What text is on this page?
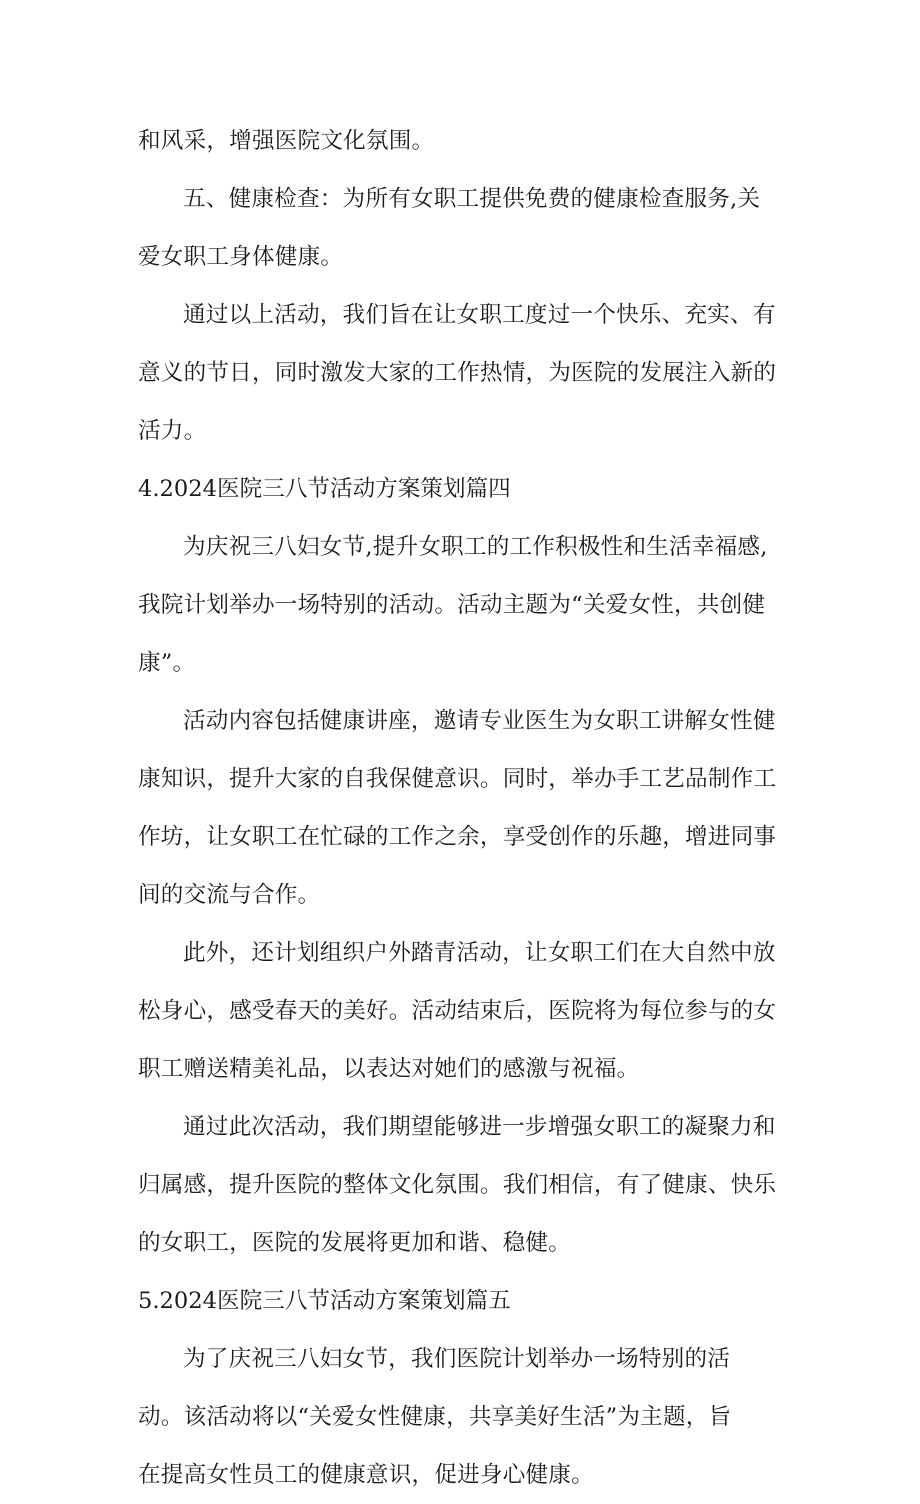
和风采，增强医院文化氛围。

五、健康检查：为所有女职工提供免费的健康检查服务,关
爱女职工身体健康。

通过以上活动，我们旨在让女职工度过一个快乐、充实、有
意义的节日，同时激发大家的工作热情，为医院的发展注入新的
活力。

4.2024医院三八节活动方案策划篇四

为庆祝三八妇女节,提升女职工的工作积极性和生活幸福感,
我院计划举办一场特别的活动。活动主题为“关爱女性，共创健
康”。

活动内容包括健康讲座，邀请专业医生为女职工讲解女性健
康知识，提升大家的自我保健意识。同时，举办手工艺品制作工
作坊，让女职工在忙碌的工作之余，享受创作的乐趣，增进同事
间的交流与合作。

此外，还计划组织户外踏青活动，让女职工们在大自然中放
松身心，感受春天的美好。活动结束后，医院将为每位参与的女
职工赠送精美礼品，以表达对她们的感激与祝福。

通过此次活动，我们期望能够进一步增强女职工的凝聚力和
归属感，提升医院的整体文化氛围。我们相信，有了健康、快乐
的女职工，医院的发展将更加和谐、稳健。

5.2024医院三八节活动方案策划篇五

为了庆祝三八妇女节，我们医院计划举办一场特别的活
动。该活动将以“关爱女性健康，共享美好生活”为主题，旨
在提高女性员工的健康意识，促进身心健康。
